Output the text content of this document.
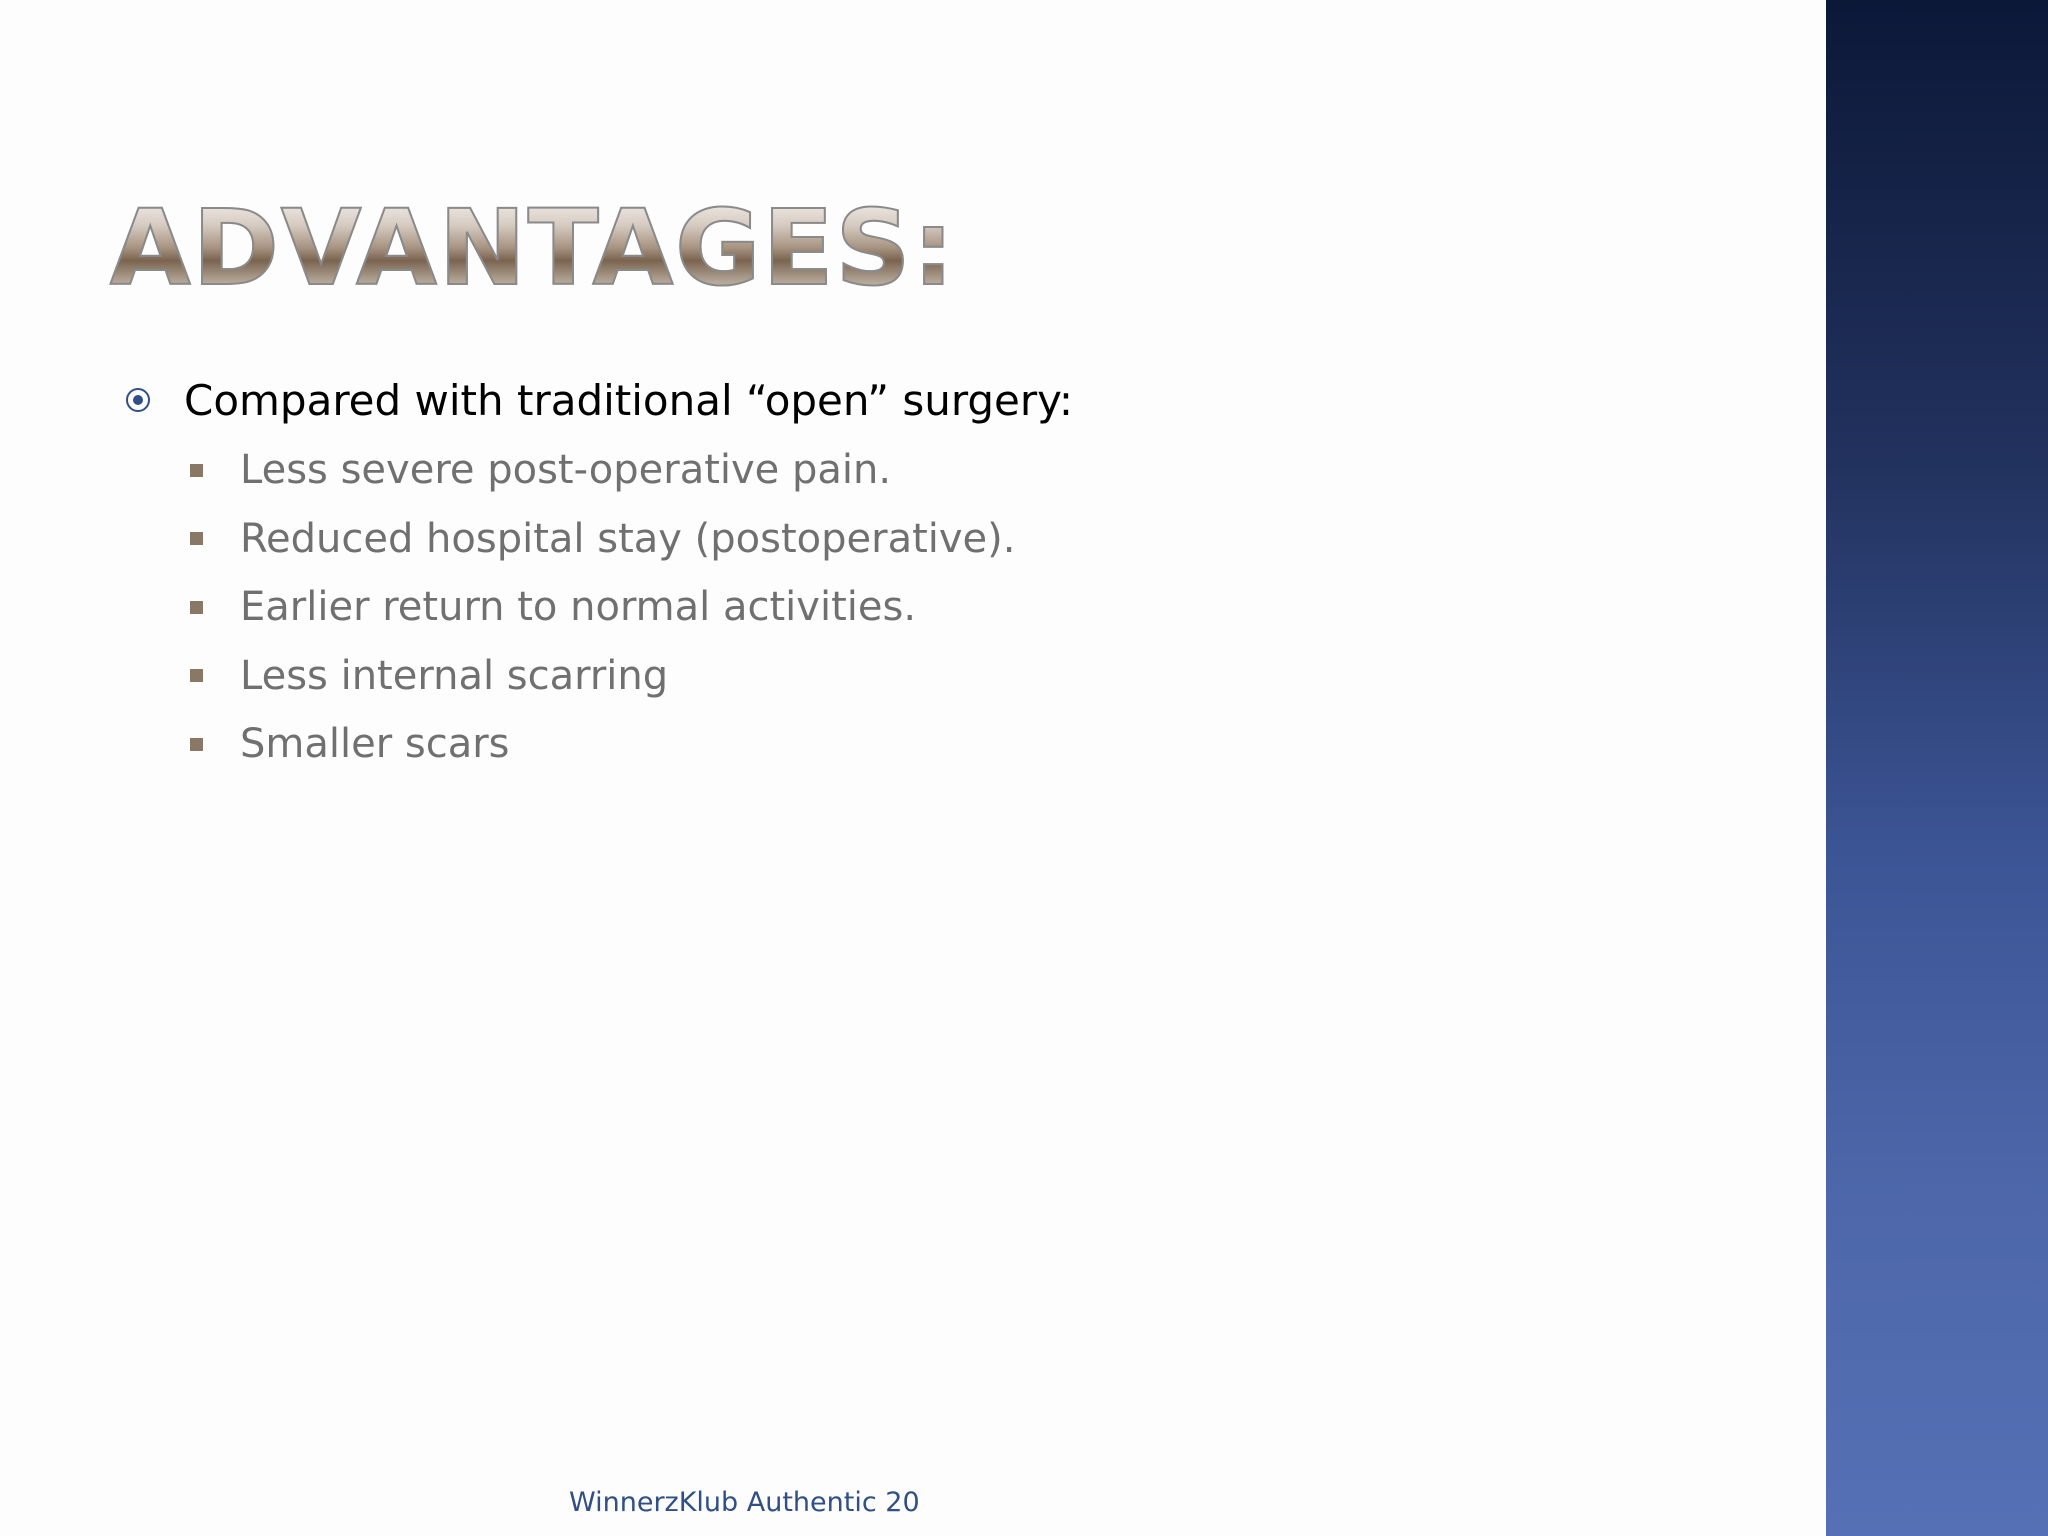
ADVANTAGES:
Compared with traditional “open” surgery:
Less severe post-operative pain.
Reduced hospital stay (postoperative).
Earlier return to normal activities.
Less internal scarring
Smaller scars
WinnerzKlub Authentic 20
